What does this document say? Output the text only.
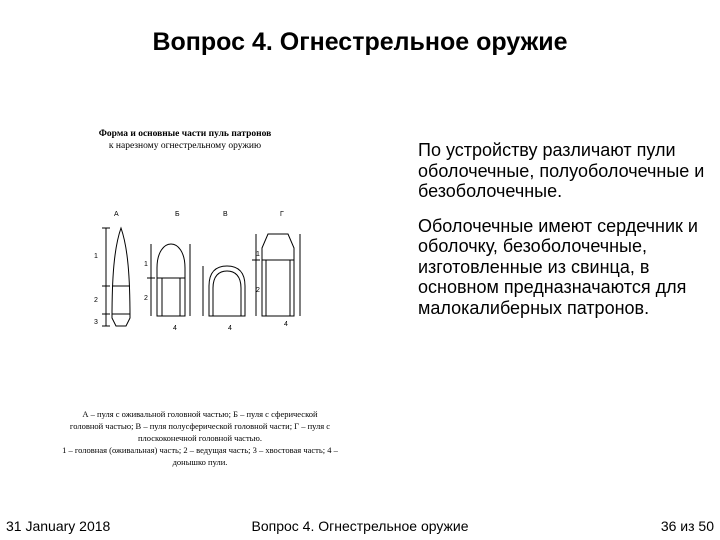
Вопрос 4. Огнестрельное оружие
Форма и основные части пуль патронов
к нарезному огнестрельному оружию
А	Б	В	Г
1
2
3
1
2
4	4
1
2
4
А – пуля с оживальной головной частью; Б – пуля с сферической
головной частью; В – пуля полусферической головной части; Г – пуля с
плоскоконечной головной частью.
1 – головная (оживальная) часть; 2 – ведущая часть; 3 – хвостовая часть; 4 –
донышко пули.

По устройству различают пули оболочечные, полуоболочечные и безоболочечные.

Оболочечные имеют сердечник и оболочку, безоболочечные, изготовленные из свинца, в основном предназначаются для малокалиберных патронов.

31 January 2018	Вопрос 4. Огнестрельное оружие	36 из 50
